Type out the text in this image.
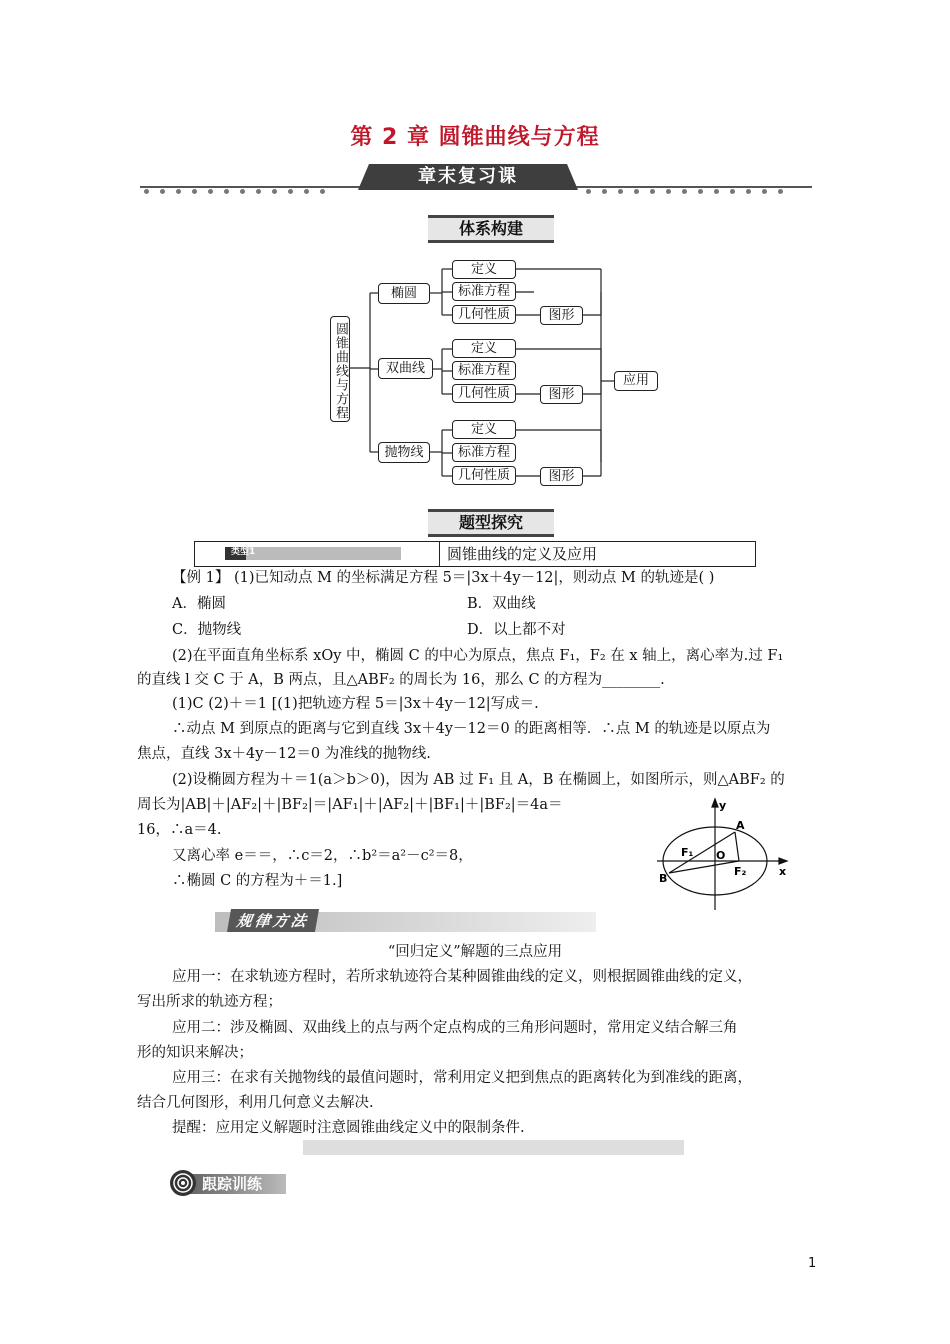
第 2 章 圆锥曲线与方程
章末复习课
体系构建
圆锥曲线与方程
椭圆
双曲线
抛物线
定义
标准方程
几何性质	图形
定义
标准方程
几何性质	图形
定义
标准方程
几何性质	图形
应用
题型探究
类型1	圆锥曲线的定义及应用
【例 1】 (1)已知动点 M 的坐标满足方程 5＝|3x＋4y－12|，则动点 M 的轨迹是( )
A．椭圆	B．双曲线
C．抛物线	D．以上都不对
(2)在平面直角坐标系 xOy 中，椭圆 C 的中心为原点，焦点 F₁，F₂ 在 x 轴上，离心率为.过 F₁
的直线 l 交 C 于 A，B 两点，且△ABF₂ 的周长为 16，那么 C 的方程为________.
(1)C (2)＋＝1 [(1)把轨迹方程 5＝|3x＋4y－12|写成＝.
∴动点 M 到原点的距离与它到直线 3x＋4y－12＝0 的距离相等．∴点 M 的轨迹是以原点为
焦点，直线 3x＋4y－12＝0 为准线的抛物线.
(2)设椭圆方程为＋＝1(a＞b＞0)，因为 AB 过 F₁ 且 A，B 在椭圆上，如图所示，则△ABF₂ 的
周长为|AB|＋|AF₂|＋|BF₂|＝|AF₁|＋|AF₂|＋|BF₁|＋|BF₂|＝4a＝
16，∴a＝4.
又离心率 e＝＝，∴c＝2，∴b²＝a²－c²＝8，
∴椭圆 C 的方程为＋＝1.]
y
x
A
B
O
F₁
F₂
规律方法
“回归定义”解题的三点应用
应用一：在求轨迹方程时，若所求轨迹符合某种圆锥曲线的定义，则根据圆锥曲线的定义，
写出所求的轨迹方程；
应用二：涉及椭圆、双曲线上的点与两个定点构成的三角形问题时，常用定义结合解三角
形的知识来解决；
应用三：在求有关抛物线的最值问题时，常利用定义把到焦点的距离转化为到准线的距离，
结合几何图形，利用几何意义去解决.
提醒：应用定义解题时注意圆锥曲线定义中的限制条件.
跟踪训练
1
